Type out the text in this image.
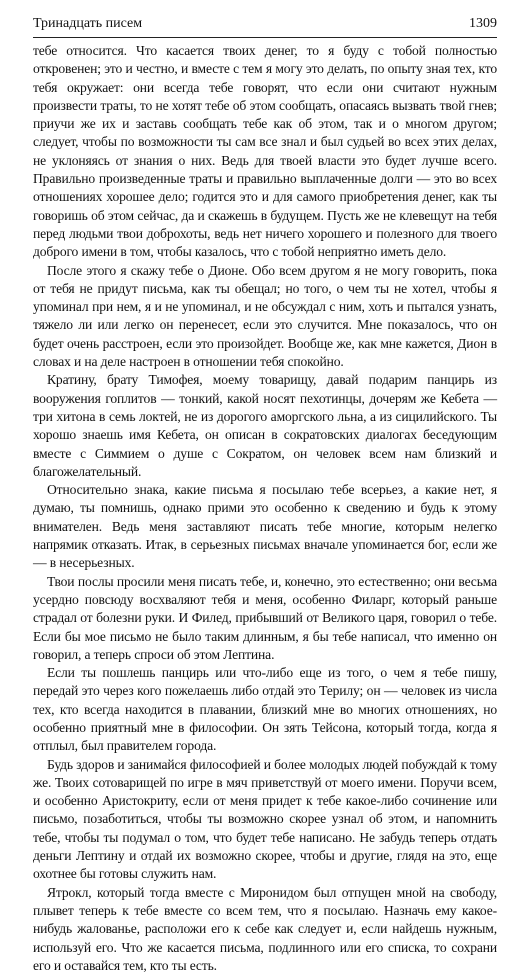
Тринадцать писем	1309

тебе относится. Что касается твоих денег, то я буду с тобой полностью откровенен; это и честно, и вместе с тем я могу это делать, по опыту зная тех, кто тебя окружает: они всегда тебе говорят, что если они считают нужным произвести траты, то не хотят тебе об этом сообщать, опасаясь вызвать твой гнев; приучи же их и заставь сообщать тебе как об этом, так и о многом другом; следует, чтобы по возможности ты сам все знал и был судьей во всех этих делах, не уклоняясь от знания о них. Ведь для твоей власти это будет лучше всего. Правильно произведенные траты и правильно выплаченные долги — это во всех отношениях хорошее дело; годится это и для самого приобретения денег, как ты говоришь об этом сейчас, да и скажешь в будущем. Пусть же не клевещут на тебя перед людьми твои доброхоты, ведь нет ничего хорошего и полезного для твоего доброго имени в том, чтобы казалось, что с тобой неприятно иметь дело.

После этого я скажу тебе о Дионе. Обо всем другом я не могу говорить, пока от тебя не придут письма, как ты обещал; но того, о чем ты не хотел, чтобы я упоминал при нем, я и не упоминал, и не обсуждал с ним, хоть и пытался узнать, тяжело ли или легко он перенесет, если это случится. Мне показалось, что он будет очень расстроен, если это произойдет. Вообще же, как мне кажется, Дион в словах и на деле настроен в отношении тебя спокойно.

Кратину, брату Тимофея, моему товарищу, давай подарим панцирь из вооружения гоплитов — тонкий, какой носят пехотинцы, дочерям же Кебета — три хитона в семь локтей, не из дорогого аморгского льна, а из сицилийского. Ты хорошо знаешь имя Кебета, он описан в сократовских диалогах беседующим вместе с Симмием о душе с Сократом, он человек всем нам близкий и благожелательный.

Относительно знака, какие письма я посылаю тебе всерьез, а какие нет, я думаю, ты помнишь, однако прими это особенно к сведению и будь к этому внимателен. Ведь меня заставляют писать тебе многие, которым нелегко напрямик отказать. Итак, в серьезных письмах вначале упоминается бог, если же — в несерьезных.

Твои послы просили меня писать тебе, и, конечно, это естественно; они весьма усердно повсюду восхваляют тебя и меня, особенно Филарг, который раньше страдал от болезни руки. И Филед, прибывший от Великого царя, говорил о тебе. Если бы мое письмо не было таким длинным, я бы тебе написал, что именно он говорил, а теперь спроси об этом Лептина.

Если ты пошлешь панцирь или что-либо еще из того, о чем я тебе пишу, передай это через кого пожелаешь либо отдай это Терилу; он — человек из числа тех, кто всегда находится в плавании, близкий мне во многих отношениях, но особенно приятный мне в философии. Он зять Тейсона, который тогда, когда я отплыл, был правителем города.

Будь здоров и занимайся философией и более молодых людей побуждай к тому же. Твоих сотоварищей по игре в мяч приветствуй от моего имени. Поручи всем, и особенно Аристокриту, если от меня придет к тебе какое-либо сочинение или письмо, позаботиться, чтобы ты возможно скорее узнал об этом, и напомнить тебе, чтобы ты подумал о том, что будет тебе написано. Не забудь теперь отдать деньги Лептину и отдай их возможно скорее, чтобы и другие, глядя на это, еще охотнее бы готовы служить нам.

Ятрокл, который тогда вместе с Миронидом был отпущен мной на свободу, плывет теперь к тебе вместе со всем тем, что я посылаю. Назначь ему какое-нибудь жалованье, расположи его к себе как следует и, если найдешь нужным, используй его. Что же касается письма, подлинного или его списка, то сохрани его и оставайся тем, кто ты есть.
